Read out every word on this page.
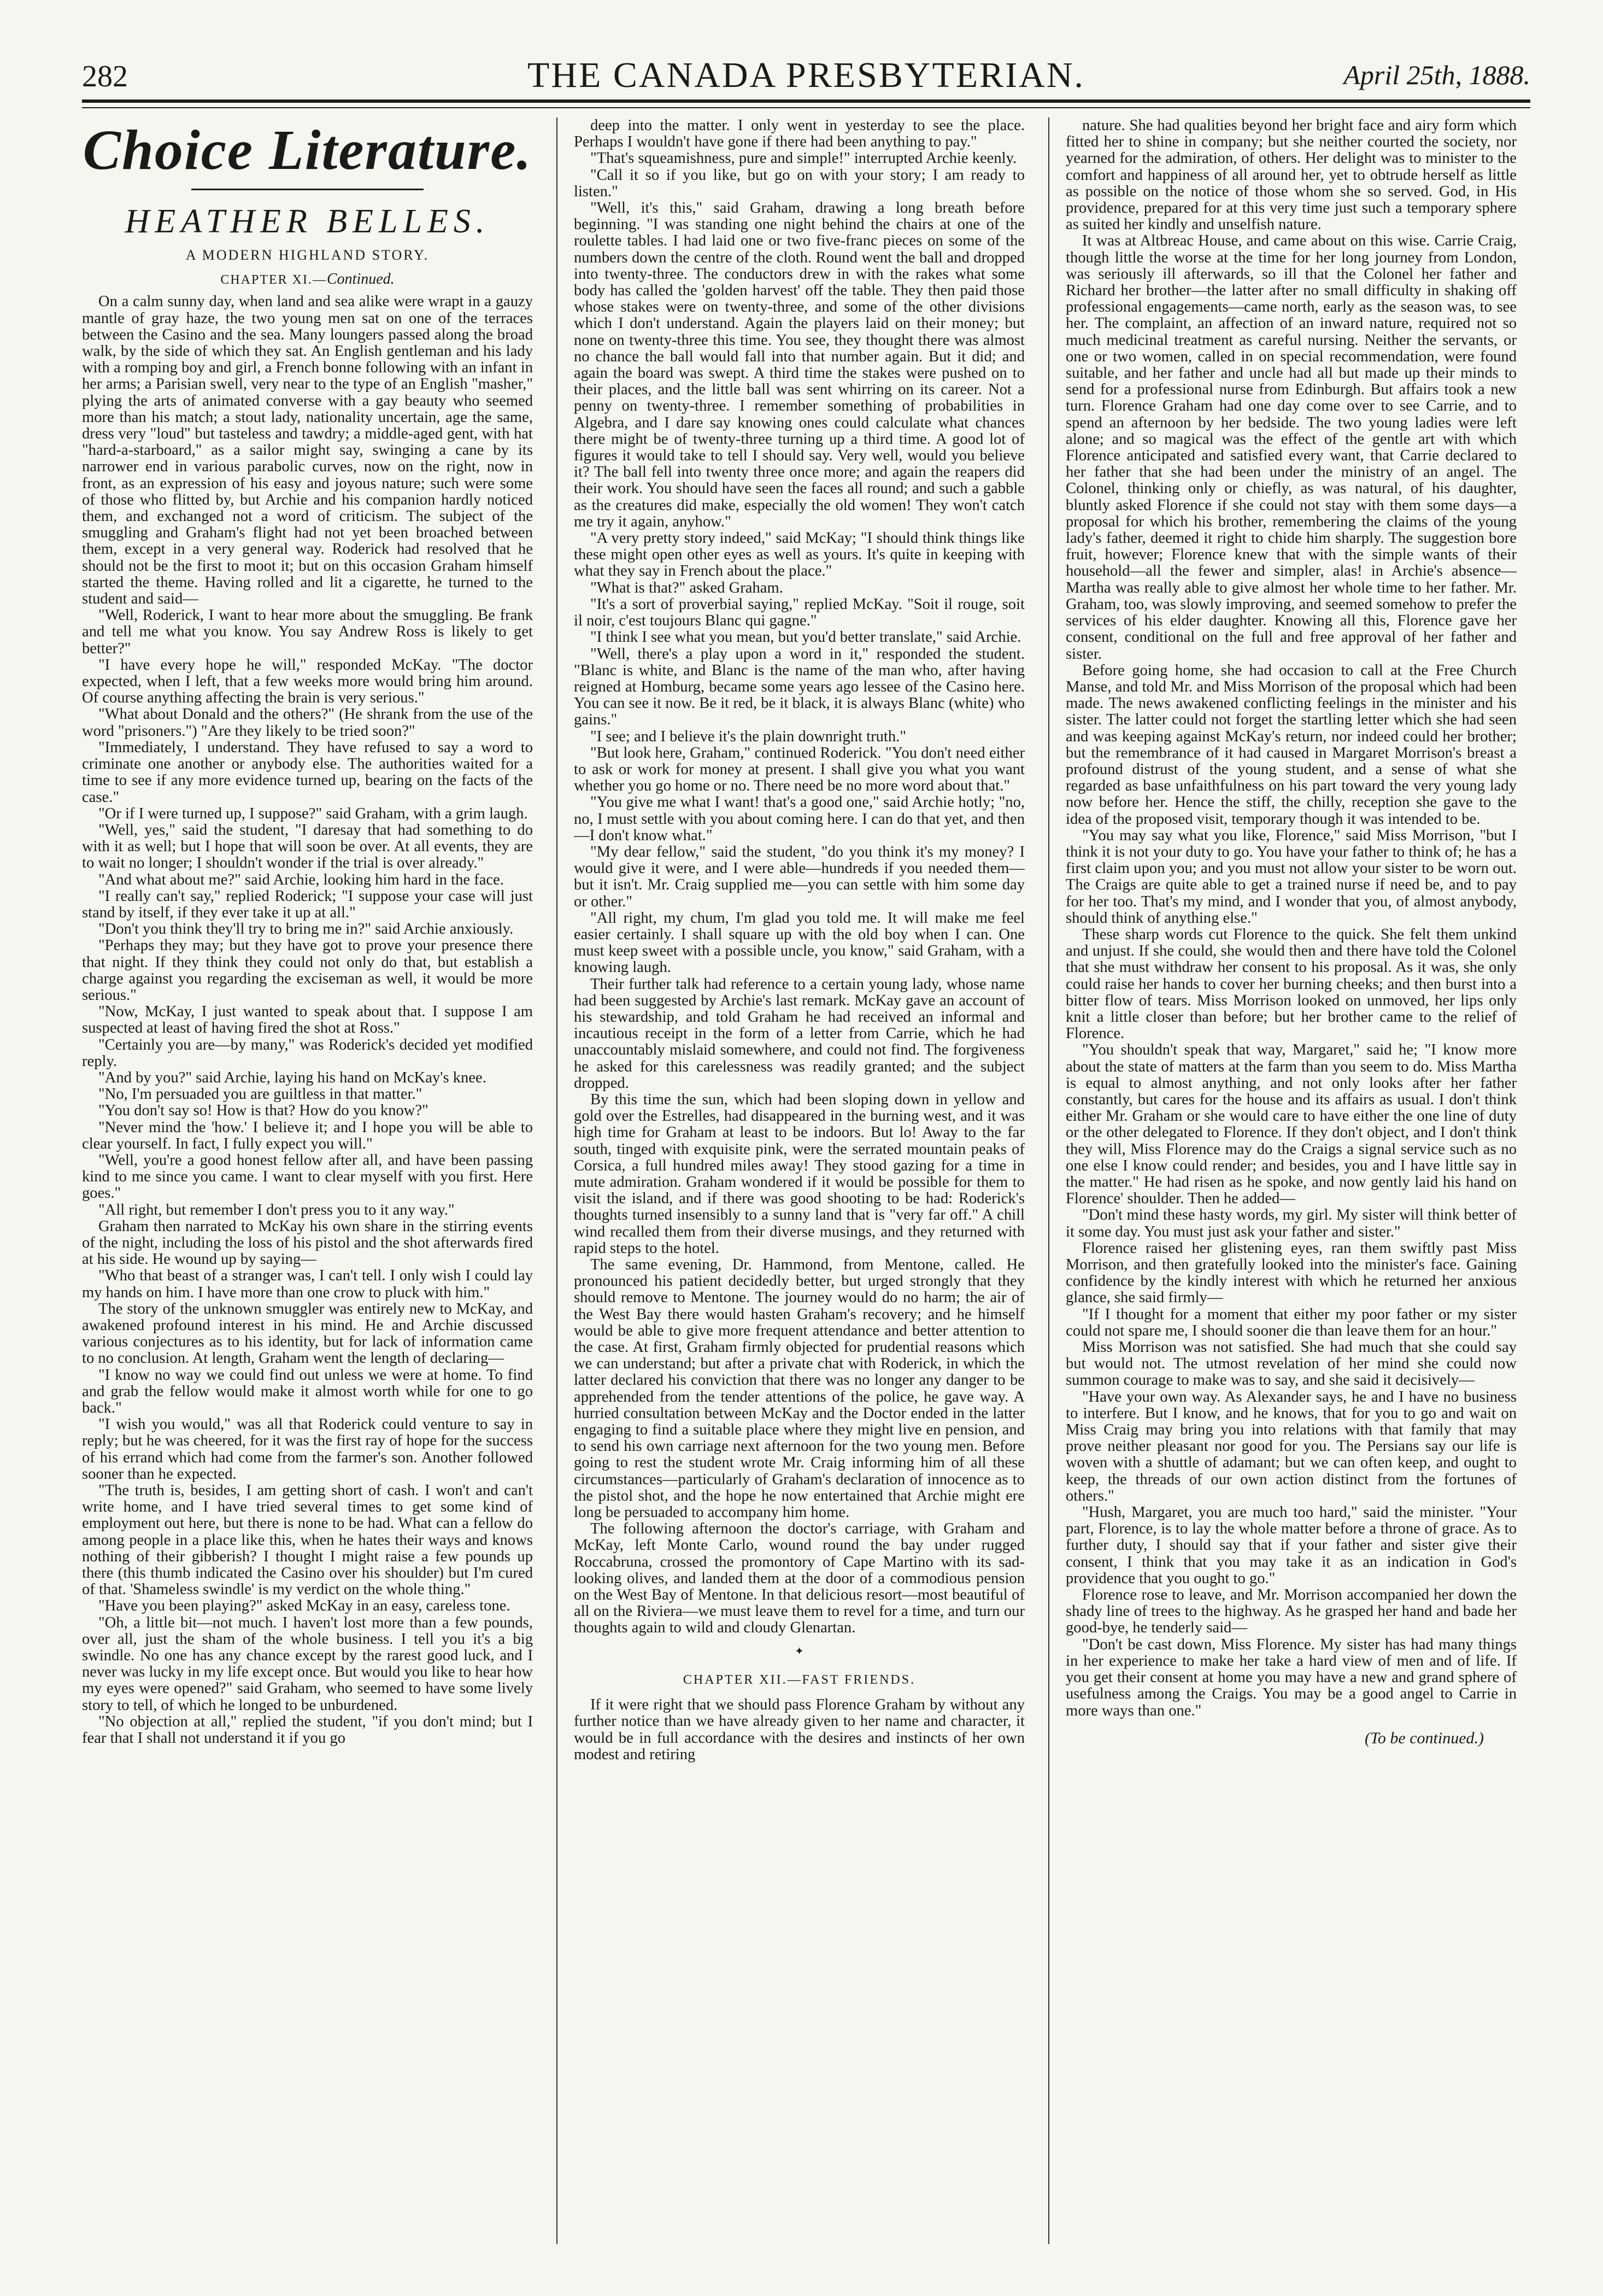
282	THE CANADA PRESBYTERIAN.	April 25th, 1888.
Choice Literature.
HEATHER BELLES.
A MODERN HIGHLAND STORY.
CHAPTER XI.—Continued.

On a calm sunny day, when land and sea alike were wrapt in a gauzy mantle of gray haze, the two young men sat on one of the terraces between the Casino and the sea. Many loungers passed along the broad walk, by the side of which they sat. An English gentleman and his lady with a romping boy and girl, a French bonne following with an infant in her arms; a Parisian swell, very near to the type of an English "masher," plying the arts of animated converse with a gay beauty who seemed more than his match; a stout lady, nationality uncertain, age the same, dress very "loud" but tasteless and tawdry; a middle-aged gent, with hat "hard-a-starboard," as a sailor might say, swinging a cane by its narrower end in various parabolic curves, now on the right, now in front, as an expression of his easy and joyous nature; such were some of those who flitted by, but Archie and his companion hardly noticed them, and exchanged not a word of criticism. The subject of the smuggling and Graham's flight had not yet been broached between them, except in a very general way. Roderick had resolved that he should not be the first to moot it; but on this occasion Graham himself started the theme. Having rolled and lit a cigarette, he turned to the student and said—

"Well, Roderick, I want to hear more about the smuggling. Be frank and tell me what you know. You say Andrew Ross is likely to get better?"

"I have every hope he will," responded McKay. "The doctor expected, when I left, that a few weeks more would bring him around. Of course anything affecting the brain is very serious."

"What about Donald and the others?" (He shrank from the use of the word "prisoners.") "Are they likely to be tried soon?"

"Immediately, I understand. They have refused to say a word to criminate one another or anybody else. The authorities waited for a time to see if any more evidence turned up, bearing on the facts of the case."

"Or if I were turned up, I suppose?" said Graham, with a grim laugh.

"Well, yes," said the student, "I daresay that had something to do with it as well; but I hope that will soon be over. At all events, they are to wait no longer; I shouldn't wonder if the trial is over already."

"And what about me?" said Archie, looking him hard in the face.

"I really can't say," replied Roderick; "I suppose your case will just stand by itself, if they ever take it up at all."

"Don't you think they'll try to bring me in?" said Archie anxiously.

"Perhaps they may; but they have got to prove your presence there that night. If they think they could not only do that, but establish a charge against you regarding the exciseman as well, it would be more serious."

"Now, McKay, I just wanted to speak about that. I suppose I am suspected at least of having fired the shot at Ross."

"Certainly you are—by many," was Roderick's decided yet modified reply.

"And by you?" said Archie, laying his hand on McKay's knee.

"No, I'm persuaded you are guiltless in that matter."

"You don't say so! How is that? How do you know?"

"Never mind the 'how.' I believe it; and I hope you will be able to clear yourself. In fact, I fully expect you will."

"Well, you're a good honest fellow after all, and have been passing kind to me since you came. I want to clear myself with you first. Here goes."

"All right, but remember I don't press you to it any way."

Graham then narrated to McKay his own share in the stirring events of the night, including the loss of his pistol and the shot afterwards fired at his side. He wound up by saying—

"Who that beast of a stranger was, I can't tell. I only wish I could lay my hands on him. I have more than one crow to pluck with him."

The story of the unknown smuggler was entirely new to McKay, and awakened profound interest in his mind. He and Archie discussed various conjectures as to his identity, but for lack of information came to no conclusion. At length, Graham went the length of declaring—

"I know no way we could find out unless we were at home. To find and grab the fellow would make it almost worth while for one to go back."

"I wish you would," was all that Roderick could venture to say in reply; but he was cheered, for it was the first ray of hope for the success of his errand which had come from the farmer's son. Another followed sooner than he expected.

"The truth is, besides, I am getting short of cash. I won't and can't write home, and I have tried several times to get some kind of employment out here, but there is none to be had. What can a fellow do among people in a place like this, when he hates their ways and knows nothing of their gibberish? I thought I might raise a few pounds up there (this thumb indicated the Casino over his shoulder) but I'm cured of that. 'Shameless swindle' is my verdict on the whole thing."

"Have you been playing?" asked McKay in an easy, careless tone.

"Oh, a little bit—not much. I haven't lost more than a few pounds, over all, just the sham of the whole business. I tell you it's a big swindle. No one has any chance except by the rarest good luck, and I never was lucky in my life except once. But would you like to hear how my eyes were opened?" said Graham, who seemed to have some lively story to tell, of which he longed to be unburdened.

"No objection at all," replied the student, "if you don't mind; but I fear that I shall not understand it if you go

deep into the matter. I only went in yesterday to see the place. Perhaps I wouldn't have gone if there had been anything to pay."

"That's squeamishness, pure and simple!" interrupted Archie keenly.

"Call it so if you like, but go on with your story; I am ready to listen."

"Well, it's this," said Graham, drawing a long breath before beginning. "I was standing one night behind the chairs at one of the roulette tables. I had laid one or two five-franc pieces on some of the numbers down the centre of the cloth. Round went the ball and dropped into twenty-three. The conductors drew in with the rakes what some body has called the 'golden harvest' off the table. They then paid those whose stakes were on twenty-three, and some of the other divisions which I don't understand. Again the players laid on their money; but none on twenty-three this time. You see, they thought there was almost no chance the ball would fall into that number again. But it did; and again the board was swept. A third time the stakes were pushed on to their places, and the little ball was sent whirring on its career. Not a penny on twenty-three. I remember something of probabilities in Algebra, and I dare say knowing ones could calculate what chances there might be of twenty-three turning up a third time. A good lot of figures it would take to tell I should say. Very well, would you believe it? The ball fell into twenty three once more; and again the reapers did their work. You should have seen the faces all round; and such a gabble as the creatures did make, especially the old women! They won't catch me try it again, anyhow."

"A very pretty story indeed," said McKay; "I should think things like these might open other eyes as well as yours. It's quite in keeping with what they say in French about the place."

"What is that?" asked Graham.

"It's a sort of proverbial saying," replied McKay. "Soit il rouge, soit il noir, c'est toujours Blanc qui gagne."

"I think I see what you mean, but you'd better translate," said Archie.

"Well, there's a play upon a word in it," responded the student. "Blanc is white, and Blanc is the name of the man who, after having reigned at Homburg, became some years ago lessee of the Casino here. You can see it now. Be it red, be it black, it is always Blanc (white) who gains."

"I see; and I believe it's the plain downright truth."

"But look here, Graham," continued Roderick. "You don't need either to ask or work for money at present. I shall give you what you want whether you go home or no. There need be no more word about that."

"You give me what I want! that's a good one," said Archie hotly; "no, no, I must settle with you about coming here. I can do that yet, and then—I don't know what."

"My dear fellow," said the student, "do you think it's my money? I would give it were, and I were able—hundreds if you needed them—but it isn't. Mr. Craig supplied me—you can settle with him some day or other."

"All right, my chum, I'm glad you told me. It will make me feel easier certainly. I shall square up with the old boy when I can. One must keep sweet with a possible uncle, you know," said Graham, with a knowing laugh.

Their further talk had reference to a certain young lady, whose name had been suggested by Archie's last remark. McKay gave an account of his stewardship, and told Graham he had received an informal and incautious receipt in the form of a letter from Carrie, which he had unaccountably mislaid somewhere, and could not find. The forgiveness he asked for this carelessness was readily granted; and the subject dropped.

By this time the sun, which had been sloping down in yellow and gold over the Estrelles, had disappeared in the burning west, and it was high time for Graham at least to be indoors. But lo! Away to the far south, tinged with exquisite pink, were the serrated mountain peaks of Corsica, a full hundred miles away! They stood gazing for a time in mute admiration. Graham wondered if it would be possible for them to visit the island, and if there was good shooting to be had: Roderick's thoughts turned insensibly to a sunny land that is "very far off." A chill wind recalled them from their diverse musings, and they returned with rapid steps to the hotel.

The same evening, Dr. Hammond, from Mentone, called. He pronounced his patient decidedly better, but urged strongly that they should remove to Mentone. The journey would do no harm; the air of the West Bay there would hasten Graham's recovery; and he himself would be able to give more frequent attendance and better attention to the case. At first, Graham firmly objected for prudential reasons which we can understand; but after a private chat with Roderick, in which the latter declared his conviction that there was no longer any danger to be apprehended from the tender attentions of the police, he gave way. A hurried consultation between McKay and the Doctor ended in the latter engaging to find a suitable place where they might live en pension, and to send his own carriage next afternoon for the two young men. Before going to rest the student wrote Mr. Craig informing him of all these circumstances—particularly of Graham's declaration of innocence as to the pistol shot, and the hope he now entertained that Archie might ere long be persuaded to accompany him home.

The following afternoon the doctor's carriage, with Graham and McKay, left Monte Carlo, wound round the bay under rugged Roccabruna, crossed the promontory of Cape Martino with its sad-looking olives, and landed them at the door of a commodious pension on the West Bay of Mentone. In that delicious resort—most beautiful of all on the Riviera—we must leave them to revel for a time, and turn our thoughts again to wild and cloudy Glenartan.

✦
CHAPTER XII.—FAST FRIENDS.

If it were right that we should pass Florence Graham by without any further notice than we have already given to her name and character, it would be in full accordance with the desires and instincts of her own modest and retiring

nature. She had qualities beyond her bright face and airy form which fitted her to shine in company; but she neither courted the society, nor yearned for the admiration, of others. Her delight was to minister to the comfort and happiness of all around her, yet to obtrude herself as little as possible on the notice of those whom she so served. God, in His providence, prepared for at this very time just such a temporary sphere as suited her kindly and unselfish nature.

It was at Altbreac House, and came about on this wise. Carrie Craig, though little the worse at the time for her long journey from London, was seriously ill afterwards, so ill that the Colonel her father and Richard her brother—the latter after no small difficulty in shaking off professional engagements—came north, early as the season was, to see her. The complaint, an affection of an inward nature, required not so much medicinal treatment as careful nursing. Neither the servants, or one or two women, called in on special recommendation, were found suitable, and her father and uncle had all but made up their minds to send for a professional nurse from Edinburgh. But affairs took a new turn. Florence Graham had one day come over to see Carrie, and to spend an afternoon by her bedside. The two young ladies were left alone; and so magical was the effect of the gentle art with which Florence anticipated and satisfied every want, that Carrie declared to her father that she had been under the ministry of an angel. The Colonel, thinking only or chiefly, as was natural, of his daughter, bluntly asked Florence if she could not stay with them some days—a proposal for which his brother, remembering the claims of the young lady's father, deemed it right to chide him sharply. The suggestion bore fruit, however; Florence knew that with the simple wants of their household—all the fewer and simpler, alas! in Archie's absence—Martha was really able to give almost her whole time to her father. Mr. Graham, too, was slowly improving, and seemed somehow to prefer the services of his elder daughter. Knowing all this, Florence gave her consent, conditional on the full and free approval of her father and sister.

Before going home, she had occasion to call at the Free Church Manse, and told Mr. and Miss Morrison of the proposal which had been made. The news awakened conflicting feelings in the minister and his sister. The latter could not forget the startling letter which she had seen and was keeping against McKay's return, nor indeed could her brother; but the remembrance of it had caused in Margaret Morrison's breast a profound distrust of the young student, and a sense of what she regarded as base unfaithfulness on his part toward the very young lady now before her. Hence the stiff, the chilly, reception she gave to the idea of the proposed visit, temporary though it was intended to be.

"You may say what you like, Florence," said Miss Morrison, "but I think it is not your duty to go. You have your father to think of; he has a first claim upon you; and you must not allow your sister to be worn out. The Craigs are quite able to get a trained nurse if need be, and to pay for her too. That's my mind, and I wonder that you, of almost anybody, should think of anything else."

These sharp words cut Florence to the quick. She felt them unkind and unjust. If she could, she would then and there have told the Colonel that she must withdraw her consent to his proposal. As it was, she only could raise her hands to cover her burning cheeks; and then burst into a bitter flow of tears. Miss Morrison looked on unmoved, her lips only knit a little closer than before; but her brother came to the relief of Florence.

"You shouldn't speak that way, Margaret," said he; "I know more about the state of matters at the farm than you seem to do. Miss Martha is equal to almost anything, and not only looks after her father constantly, but cares for the house and its affairs as usual. I don't think either Mr. Graham or she would care to have either the one line of duty or the other delegated to Florence. If they don't object, and I don't think they will, Miss Florence may do the Craigs a signal service such as no one else I know could render; and besides, you and I have little say in the matter." He had risen as he spoke, and now gently laid his hand on Florence' shoulder. Then he added—

"Don't mind these hasty words, my girl. My sister will think better of it some day. You must just ask your father and sister."

Florence raised her glistening eyes, ran them swiftly past Miss Morrison, and then gratefully looked into the minister's face. Gaining confidence by the kindly interest with which he returned her anxious glance, she said firmly—

"If I thought for a moment that either my poor father or my sister could not spare me, I should sooner die than leave them for an hour."

Miss Morrison was not satisfied. She had much that she could say but would not. The utmost revelation of her mind she could now summon courage to make was to say, and she said it decisively—

"Have your own way. As Alexander says, he and I have no business to interfere. But I know, and he knows, that for you to go and wait on Miss Craig may bring you into relations with that family that may prove neither pleasant nor good for you. The Persians say our life is woven with a shuttle of adamant; but we can often keep, and ought to keep, the threads of our own action distinct from the fortunes of others."

"Hush, Margaret, you are much too hard," said the minister. "Your part, Florence, is to lay the whole matter before a throne of grace. As to further duty, I should say that if your father and sister give their consent, I think that you may take it as an indication in God's providence that you ought to go."

Florence rose to leave, and Mr. Morrison accompanied her down the shady line of trees to the highway. As he grasped her hand and bade her good-bye, he tenderly said—

"Don't be cast down, Miss Florence. My sister has had many things in her experience to make her take a hard view of men and of life. If you get their consent at home you may have a new and grand sphere of usefulness among the Craigs. You may be a good angel to Carrie in more ways than one."

(To be continued.)
